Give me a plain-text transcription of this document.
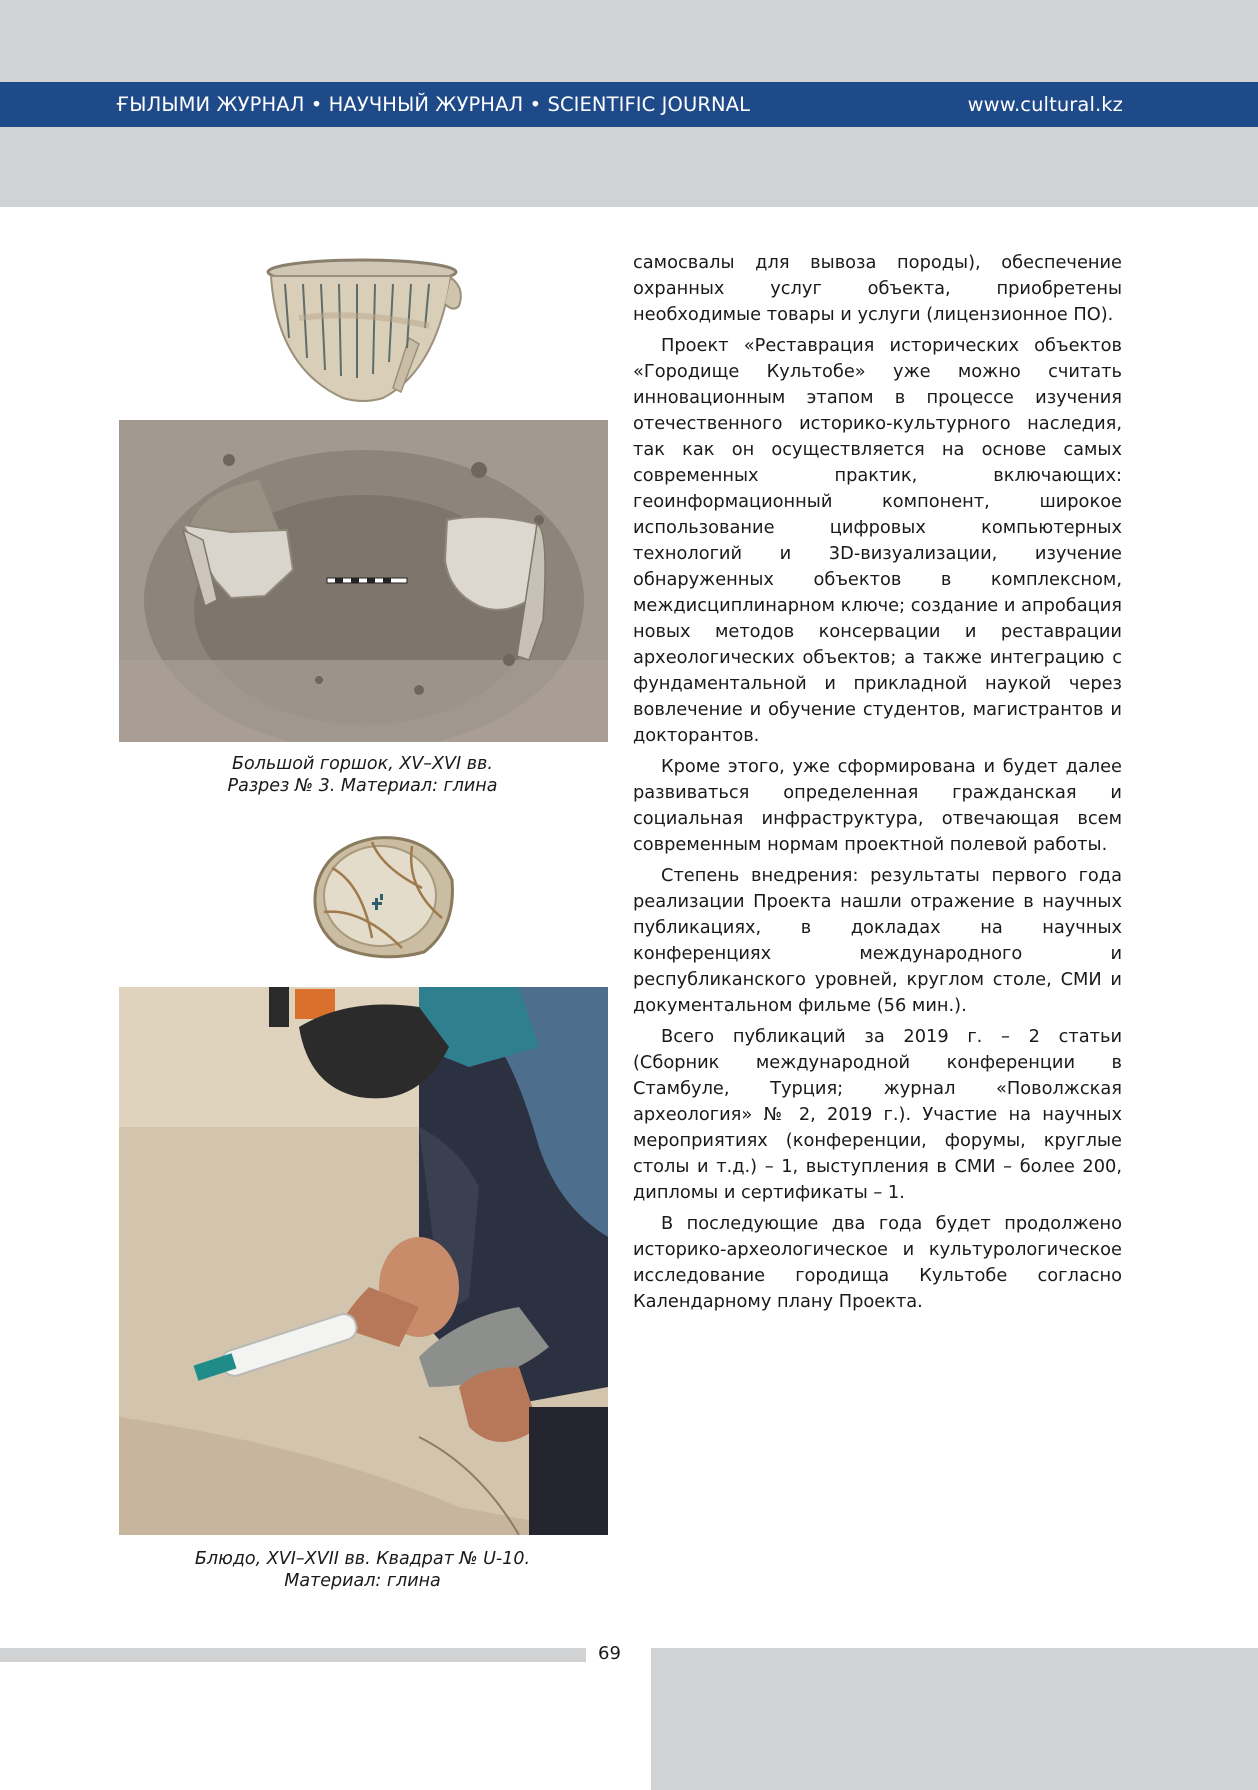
ҒЫЛЫМИ ЖУРНАЛ • НАУЧНЫЙ ЖУРНАЛ • SCIENTIFIC JOURNAL	www.cultural.kz
Большой горшок, XV–XVI вв.
Разрез № 3. Материал: глина
Блюдо, XVI–XVII вв. Квадрат № U-10.
Материал: глина

самосвалы для вывоза породы), обеспечение охранных услуг объекта, приобретены необходимые товары и услуги (лицензионное ПО).

Проект «Реставрация исторических объектов «Городище Культобе» уже можно считать инновационным этапом в процессе изучения отечественного историко-культурного наследия, так как он осуществляется на основе самых современных практик, включающих: геоинформационный компонент, широкое использование цифровых компьютерных технологий и 3D-визуализации, изучение обнаруженных объектов в комплексном, междисциплинарном ключе; создание и апробация новых методов консервации и реставрации археологических объектов; а также интеграцию с фундаментальной и прикладной наукой через вовлечение и обучение студентов, магистрантов и докторантов.

Кроме этого, уже сформирована и будет далее развиваться определенная гражданская и социальная инфраструктура, отвечающая всем современным нормам проектной полевой работы.

Степень внедрения: результаты первого года реализации Проекта нашли отражение в научных публикациях, в докладах на научных конференциях международного и республиканского уровней, круглом столе, СМИ и документальном фильме (56 мин.).

Всего публикаций за 2019 г. – 2 статьи (Сборник международной конференции в Стамбуле, Турция; журнал «Поволжская археология» № 2, 2019 г.). Участие на научных мероприятиях (конференции, форумы, круглые столы и т.д.) – 1, выступления в СМИ – более 200, дипломы и сертификаты – 1.

В последующие два года будет продолжено историко-археологическое и культурологическое исследование городища Культобе согласно Календарному плану Проекта.

69
